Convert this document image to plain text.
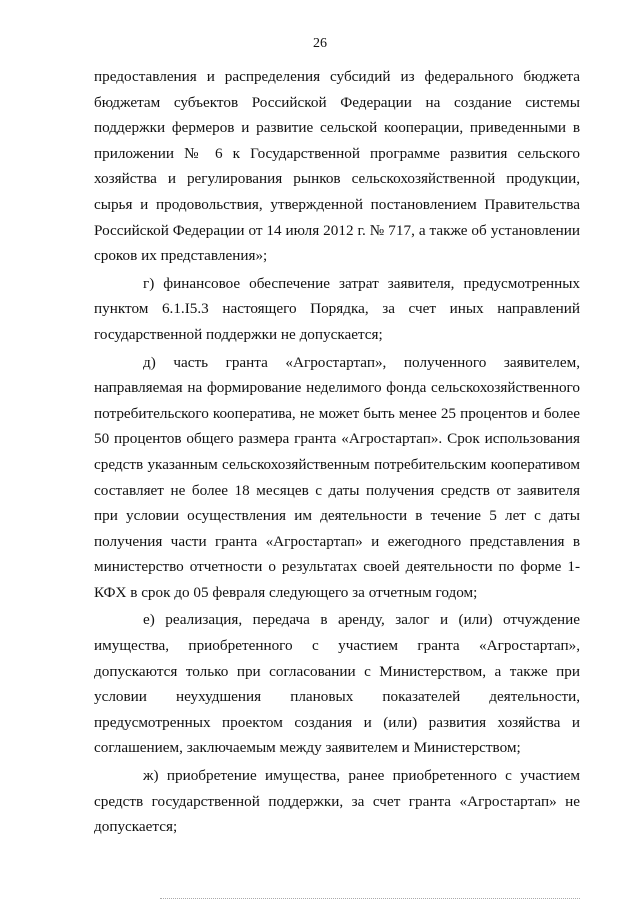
26

предоставления и распределения субсидий из федерального бюджета бюджетам субъектов Российской Федерации на создание системы поддержки фермеров и развитие сельской кооперации, приведенными в приложении № 6 к Государственной программе развития сельского хозяйства и регулирования рынков сельскохозяйственной продукции, сырья и продовольствия, утвержденной постановлением Правительства Российской Федерации от 14 июля 2012 г. № 717, а также об установлении сроков их представления»;

г) финансовое обеспечение затрат заявителя, предусмотренных пунктом 6.1.I5.3 настоящего Порядка, за счет иных направлений государственной поддержки не допускается;

д) часть гранта «Агростартап», полученного заявителем, направляемая на формирование неделимого фонда сельскохозяйственного потребительского кооператива, не может быть менее 25 процентов и более 50 процентов общего размера гранта «Агростартап». Срок использования средств указанным сельскохозяйственным потребительским кооперативом составляет не более 18 месяцев с даты получения средств от заявителя при условии осуществления им деятельности в течение 5 лет с даты получения части гранта «Агростартап» и ежегодного представления в министерство отчетности о результатах своей деятельности по форме 1- КФХ в срок до 05 февраля следующего за отчетным годом;

е) реализация, передача в аренду, залог и (или) отчуждение имущества, приобретенного с участием гранта «Агростартап», допускаются только при согласовании с Министерством, а также при условии неухудшения плановых показателей деятельности, предусмотренных проектом создания и (или) развития хозяйства и соглашением, заключаемым между заявителем и Министерством;

ж) приобретение имущества, ранее приобретенного с участием средств государственной поддержки, за счет гранта «Агростартап» не допускается;
